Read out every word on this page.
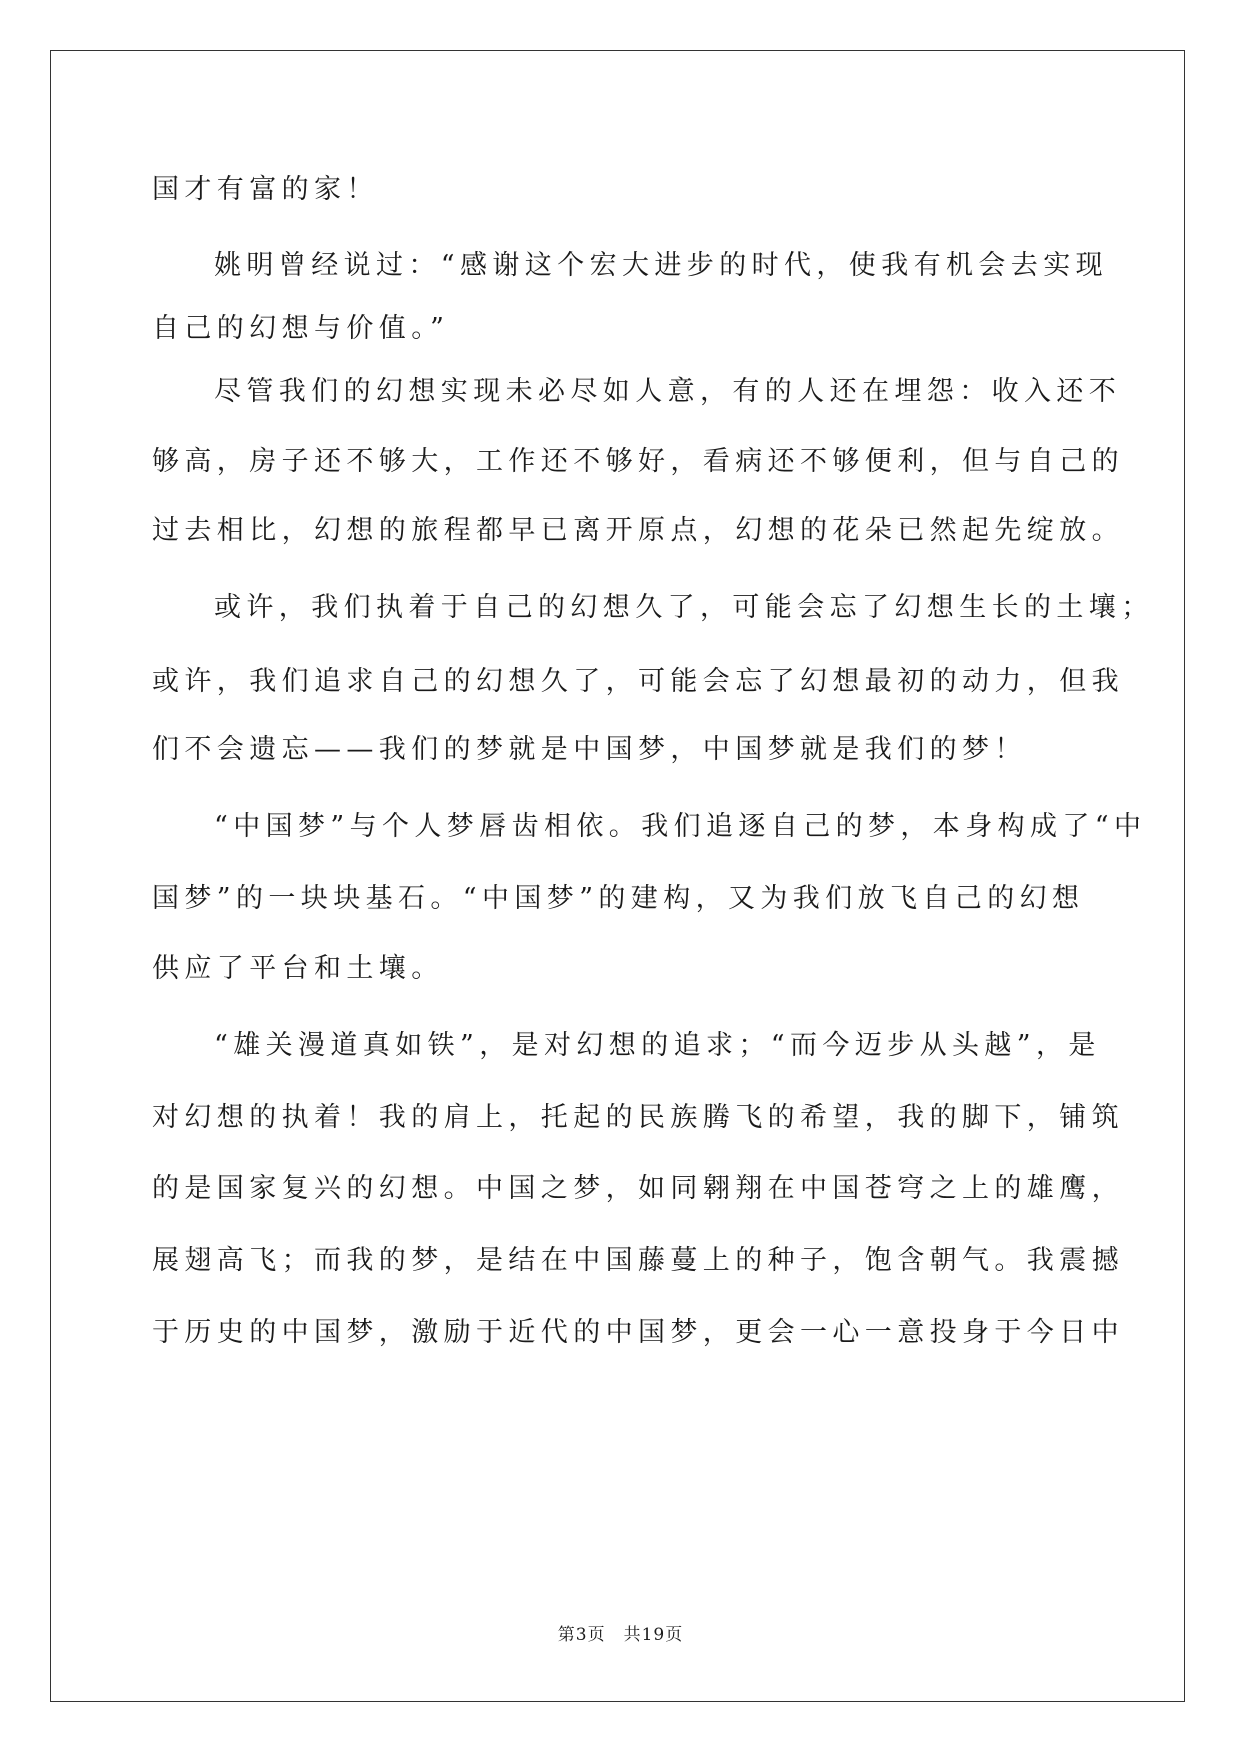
国才有富的家！
姚明曾经说过：“感谢这个宏大进步的时代，使我有机会去实现
自己的幻想与价值。”
尽管我们的幻想实现未必尽如人意，有的人还在埋怨：收入还不
够高，房子还不够大，工作还不够好，看病还不够便利，但与自己的
过去相比，幻想的旅程都早已离开原点，幻想的花朵已然起先绽放。
或许，我们执着于自己的幻想久了，可能会忘了幻想生长的土壤；
或许，我们追求自己的幻想久了，可能会忘了幻想最初的动力，但我
们不会遗忘——我们的梦就是中国梦，中国梦就是我们的梦！
“中国梦”与个人梦唇齿相依。我们追逐自己的梦，本身构成了“中
国梦”的一块块基石。“中国梦”的建构，又为我们放飞自己的幻想
供应了平台和土壤。
“雄关漫道真如铁”，是对幻想的追求；“而今迈步从头越”，是
对幻想的执着！我的肩上，托起的民族腾飞的希望，我的脚下，铺筑
的是国家复兴的幻想。中国之梦，如同翱翔在中国苍穹之上的雄鹰，
展翅高飞；而我的梦，是结在中国藤蔓上的种子，饱含朝气。我震撼
于历史的中国梦，激励于近代的中国梦，更会一心一意投身于今日中
第3页 共19页
